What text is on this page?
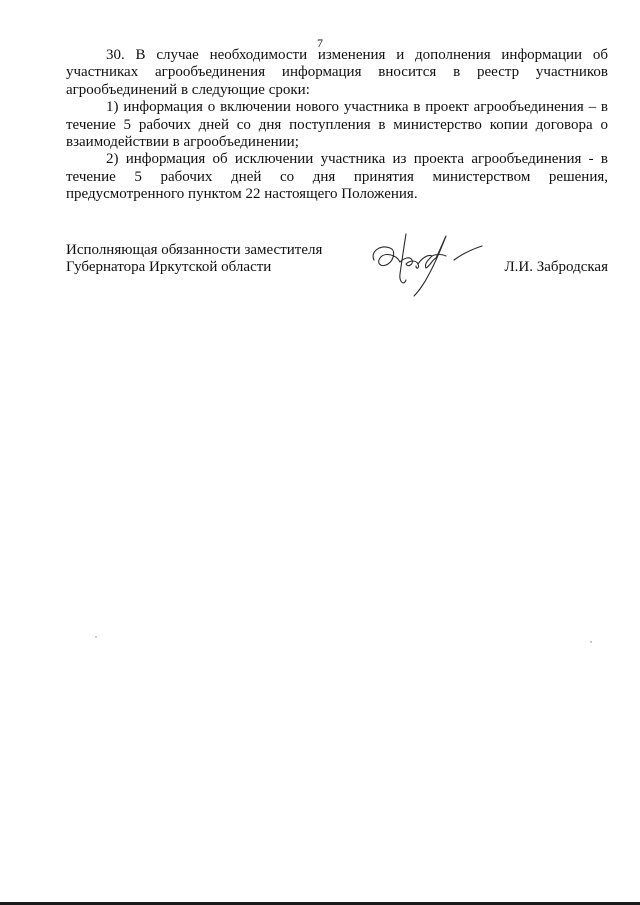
7

30. В случае необходимости изменения и дополнения информации об участниках агрообъединения информация вносится в реестр участников агрообъединений в следующие сроки:

1) информация о включении нового участника в проект агрообъединения – в течение 5 рабочих дней со дня поступления в министерство копии договора о взаимодействии в агрообъединении;

2) информация об исключении участника из проекта агрообъединения - в течение 5 рабочих дней со дня принятия министерством решения, предусмотренного пунктом 22 настоящего Положения.

Исполняющая обязанности заместителя
Губернатора Иркутской области	Л.И. Забродская
